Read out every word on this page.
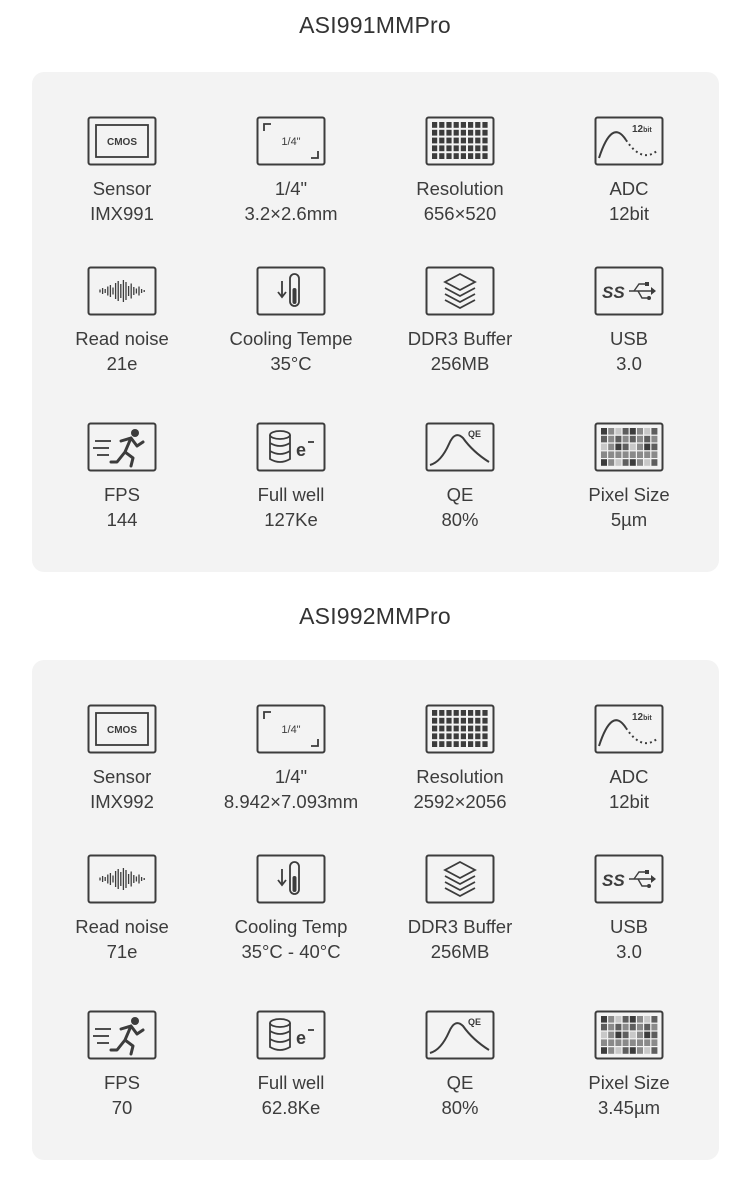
ASI991MMPro
CMOS
Sensor
IMX991
1/4"
1/4"
3.2×2.6mm
Resolution
656×520
12bit
ADC
12bit
Read noise
21e
Cooling Tempe
35°C
DDR3 Buffer
256MB
SS
USB
3.0
FPS
144
e
Full well
127Ke
QE
QE
80%
Pixel Size
5µm
ASI992MMPro
CMOS
Sensor
IMX992
1/4"
1/4"
8.942×7.093mm
Resolution
2592×2056
12bit
ADC
12bit
Read noise
71e
Cooling Temp
35°C - 40°C
DDR3 Buffer
256MB
SS
USB
3.0
FPS
70
e
Full well
62.8Ke
QE
QE
80%
Pixel Size
3.45µm
